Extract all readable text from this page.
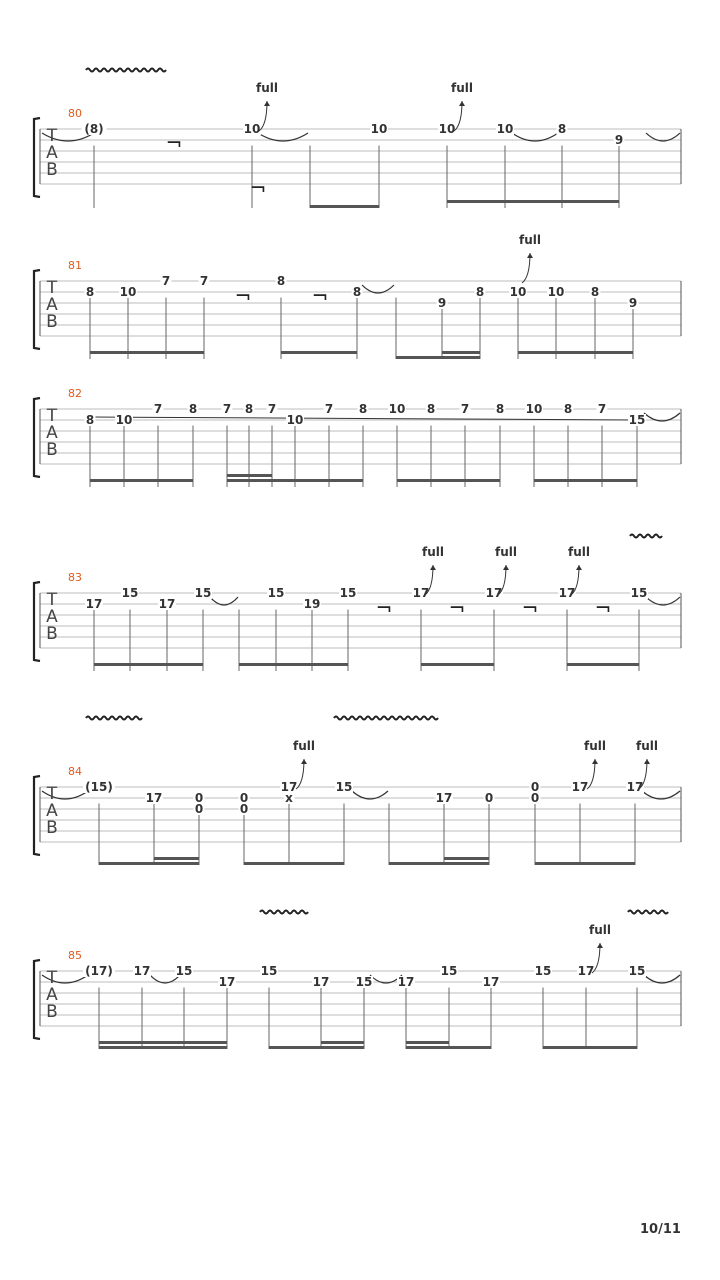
T
A
B
80
¬
¬
(8)	10	10	10	10	8
9
full	full
T
A
B
81
¬	¬
8 10
7 7	8
8
9
8 10 10 8
9
full
T
A
B
82
8 10
7 8 7 8 7
10
7 8 10 8 7 8 10 8 7
15
T
A
B
83
¬	¬	¬	¬
17
15
17
15	15
19
15	17	17	17	15
full	full	full
T
A
B
84
(15)
17	0
0
0
0
17
x
15
17	0
0
0
17	17
full	full	full
T
A
B
85
(17) 17 15
17
15
17 15 17
15
17
15 17	15
full
10/11
